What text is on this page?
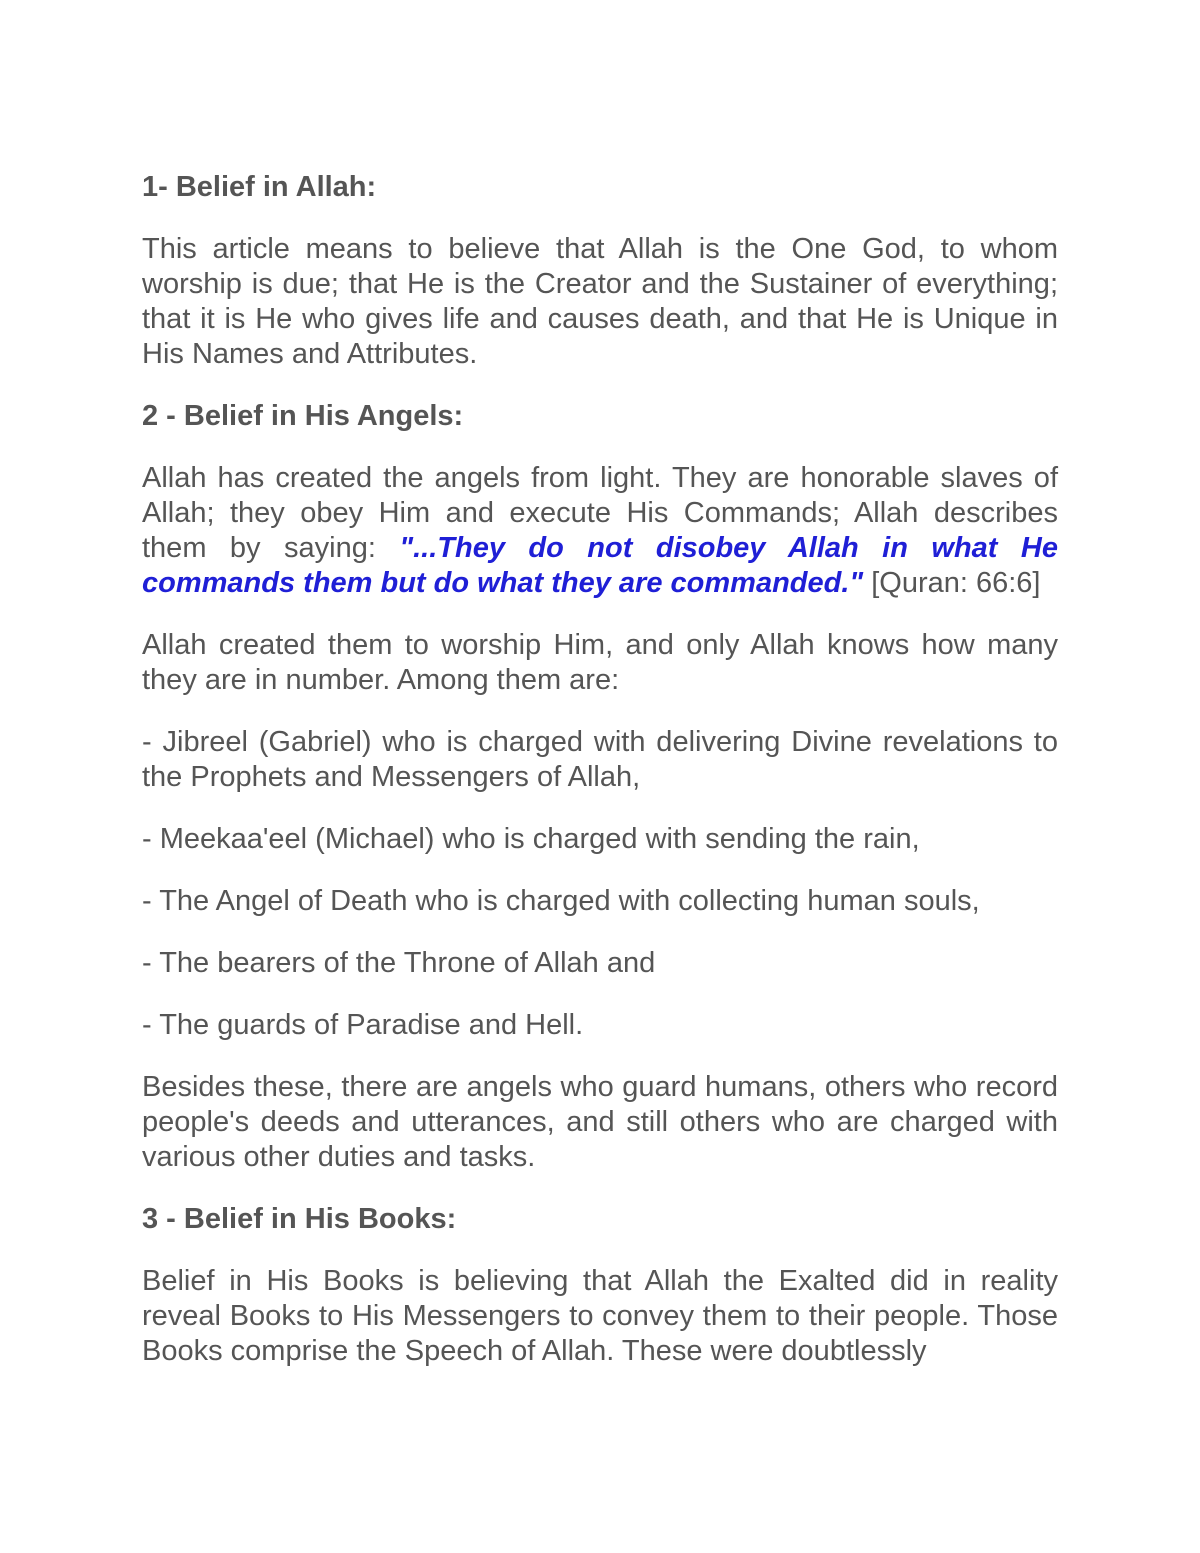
1- Belief in Allah:
This article means to believe that Allah is the One God, to whom worship is due; that He is the Creator and the Sustainer of everything; that it is He who gives life and causes death, and that He is Unique in His Names and Attributes.
2 - Belief in His Angels:
Allah has created the angels from light. They are honorable slaves of Allah; they obey Him and execute His Commands; Allah describes them by saying: "...They do not disobey Allah in what He commands them but do what they are commanded." [Quran: 66:6]
Allah created them to worship Him, and only Allah knows how many they are in number. Among them are:
- Jibreel (Gabriel) who is charged with delivering Divine revelations to the Prophets and Messengers of Allah,
- Meekaa'eel (Michael) who is charged with sending the rain,
- The Angel of Death who is charged with collecting human souls,
- The bearers of the Throne of Allah and
- The guards of Paradise and Hell.
Besides these, there are angels who guard humans, others who record people's deeds and utterances, and still others who are charged with various other duties and tasks.
3 - Belief in His Books:
Belief in His Books is believing that Allah the Exalted did in reality reveal Books to His Messengers to convey them to their people. Those Books comprise the Speech of Allah. These were doubtlessly
